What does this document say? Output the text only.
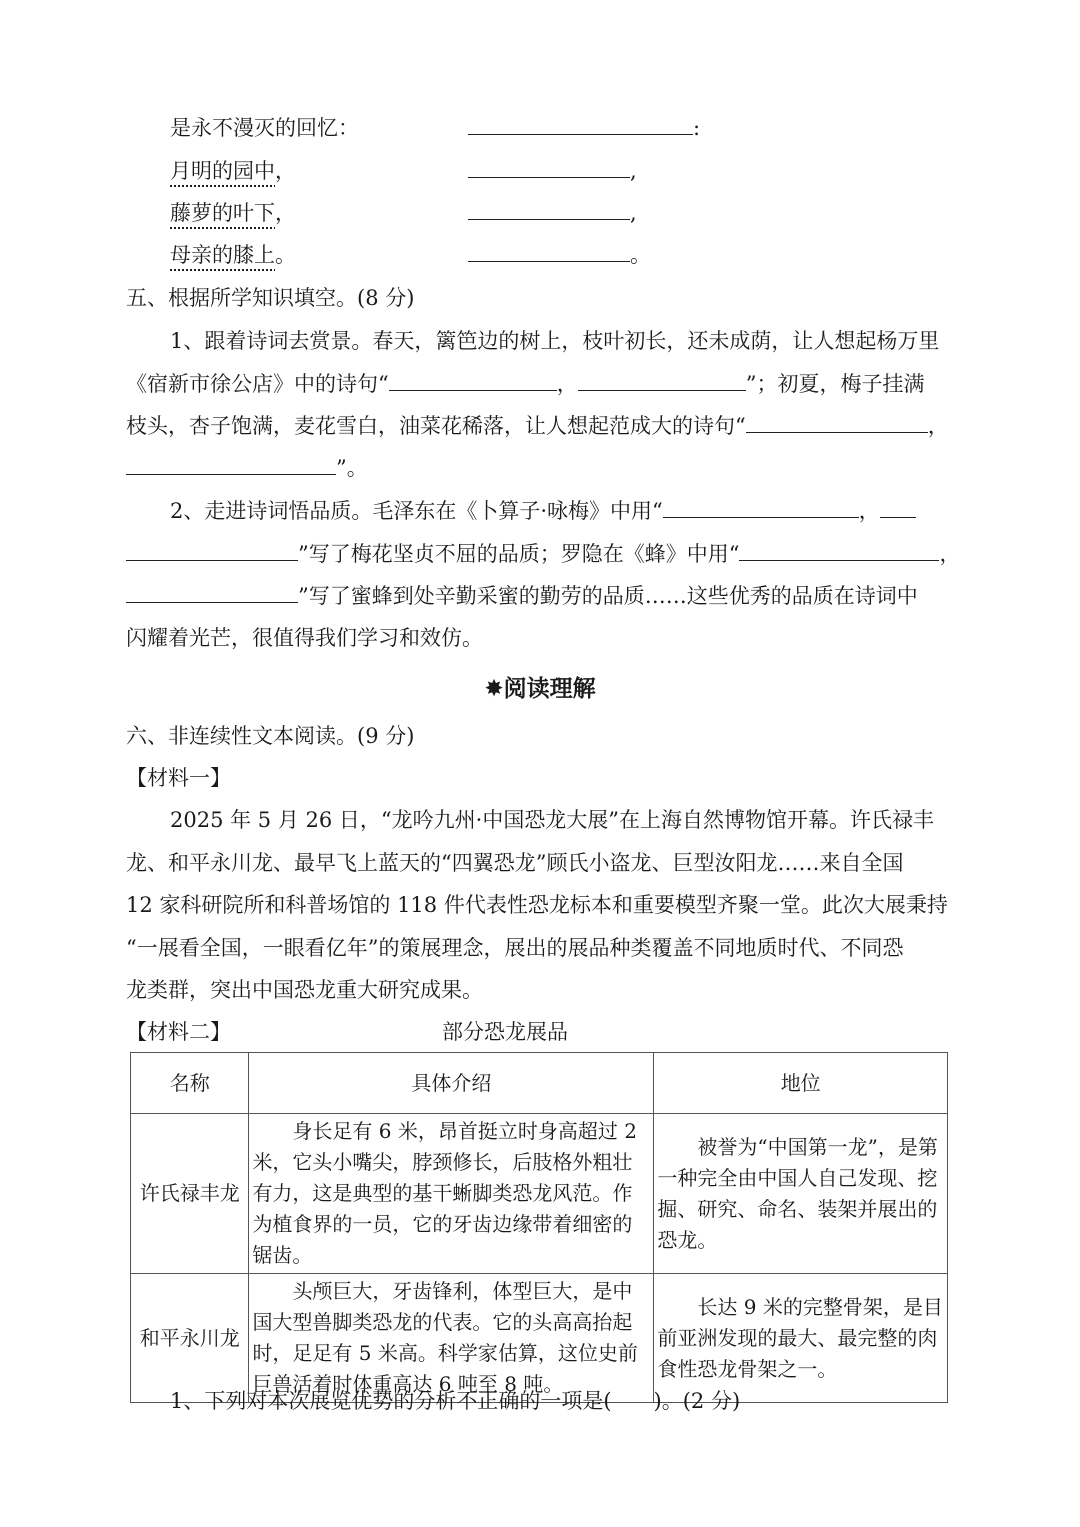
是永不漫灭的回忆：	:
月明的园中，	,
藤萝的叶下，	,
母亲的膝上。	。
五、根据所学知识填空。(8 分)
1、跟着诗词去赏景。春天，篱笆边的树上，枝叶初长，还未成荫，让人想起杨万里
《宿新市徐公店》中的诗句“	，	”；初夏，梅子挂满
枝头，杏子饱满，麦花雪白，油菜花稀落，让人想起范成大的诗句“	，
”。
2、走进诗词悟品质。毛泽东在《卜算子·咏梅》中用“	，
”写了梅花坚贞不屈的品质；罗隐在《蜂》中用“	，
”写了蜜蜂到处辛勤采蜜的勤劳的品质……这些优秀的品质在诗词中
闪耀着光芒，很值得我们学习和效仿。
✸阅读理解
六、非连续性文本阅读。(9 分)
【材料一】
2025 年 5 月 26 日，“龙吟九州·中国恐龙大展”在上海自然博物馆开幕。许氏禄丰
龙、和平永川龙、最早飞上蓝天的“四翼恐龙”顾氏小盗龙、巨型汝阳龙……来自全国
12 家科研院所和科普场馆的 118 件代表性恐龙标本和重要模型齐聚一堂。此次大展秉持
“一展看全国，一眼看亿年”的策展理念，展出的展品种类覆盖不同地质时代、不同恐
龙类群，突出中国恐龙重大研究成果。
【材料二】	部分恐龙展品
名称	具体介绍	地位
许氏禄丰龙	身长足有 6 米，昂首挺立时身高超过 2 米，它头小嘴尖，脖颈修长，后肢格外粗壮有力，这是典型的基干蜥脚类恐龙风范。作为植食界的一员，它的牙齿边缘带着细密的锯齿。	被誉为“中国第一龙”，是第一种完全由中国人自己发现、挖掘、研究、命名、装架并展出的恐龙。
和平永川龙	头颅巨大，牙齿锋利，体型巨大，是中国大型兽脚类恐龙的代表。它的头高高抬起时，足足有 5 米高。科学家估算，这位史前巨兽活着时体重高达 6 吨至 8 吨。	长达 9 米的完整骨架，是目前亚洲发现的最大、最完整的肉食性恐龙骨架之一。
1、下列对本次展览优势的分析不正确的一项是(　　)。(2 分)
